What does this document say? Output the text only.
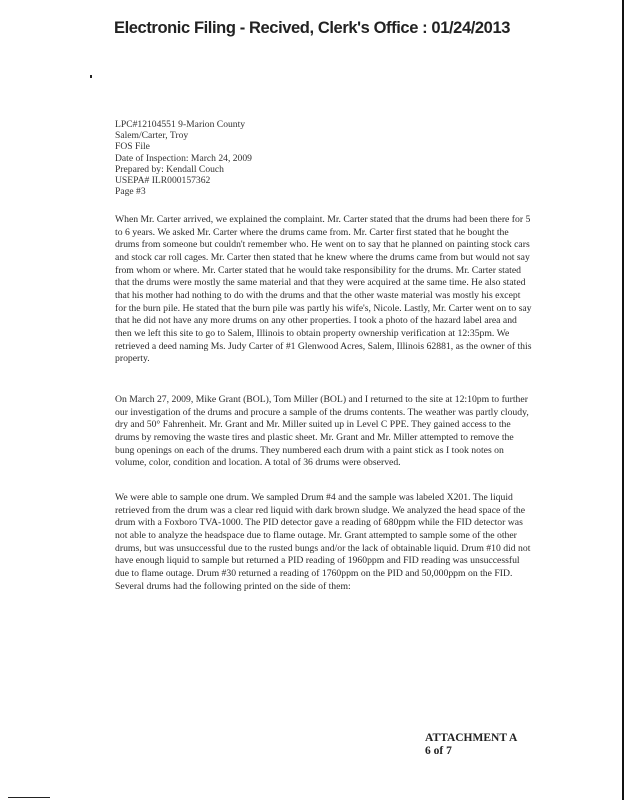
Electronic Filing - Recived, Clerk's Office : 01/24/2013
LPC#12104551 9-Marion County
Salem/Carter, Troy
FOS File
Date of Inspection: March 24, 2009
Prepared by: Kendall Couch
USEPA# ILR000157362
Page #3

When Mr. Carter arrived, we explained the complaint. Mr. Carter stated that the drums had been there for 5 to 6 years. We asked Mr. Carter where the drums came from. Mr. Carter first stated that he bought the drums from someone but couldn't remember who. He went on to say that he planned on painting stock cars and stock car roll cages. Mr. Carter then stated that he knew where the drums came from but would not say from whom or where. Mr. Carter stated that he would take responsibility for the drums. Mr. Carter stated that the drums were mostly the same material and that they were acquired at the same time. He also stated that his mother had nothing to do with the drums and that the other waste material was mostly his except for the burn pile. He stated that the burn pile was partly his wife's, Nicole. Lastly, Mr. Carter went on to say that he did not have any more drums on any other properties. I took a photo of the hazard label area and then we left this site to go to Salem, Illinois to obtain property ownership verification at 12:35pm. We retrieved a deed naming Ms. Judy Carter of #1 Glenwood Acres, Salem, Illinois 62881, as the owner of this property.

On March 27, 2009, Mike Grant (BOL), Tom Miller (BOL) and I returned to the site at 12:10pm to further our investigation of the drums and procure a sample of the drums contents. The weather was partly cloudy, dry and 50° Fahrenheit. Mr. Grant and Mr. Miller suited up in Level C PPE. They gained access to the drums by removing the waste tires and plastic sheet. Mr. Grant and Mr. Miller attempted to remove the bung openings on each of the drums. They numbered each drum with a paint stick as I took notes on volume, color, condition and location. A total of 36 drums were observed.

We were able to sample one drum. We sampled Drum #4 and the sample was labeled X201. The liquid retrieved from the drum was a clear red liquid with dark brown sludge. We analyzed the head space of the drum with a Foxboro TVA-1000. The PID detector gave a reading of 680ppm while the FID detector was not able to analyze the headspace due to flame outage. Mr. Grant attempted to sample some of the other drums, but was unsuccessful due to the rusted bungs and/or the lack of obtainable liquid. Drum #10 did not have enough liquid to sample but returned a PID reading of 1960ppm and FID reading was unsuccessful due to flame outage. Drum #30 returned a reading of 1760ppm on the PID and 50,000ppm on the FID. Several drums had the following printed on the side of them:

ATTACHMENT A
6 of 7
